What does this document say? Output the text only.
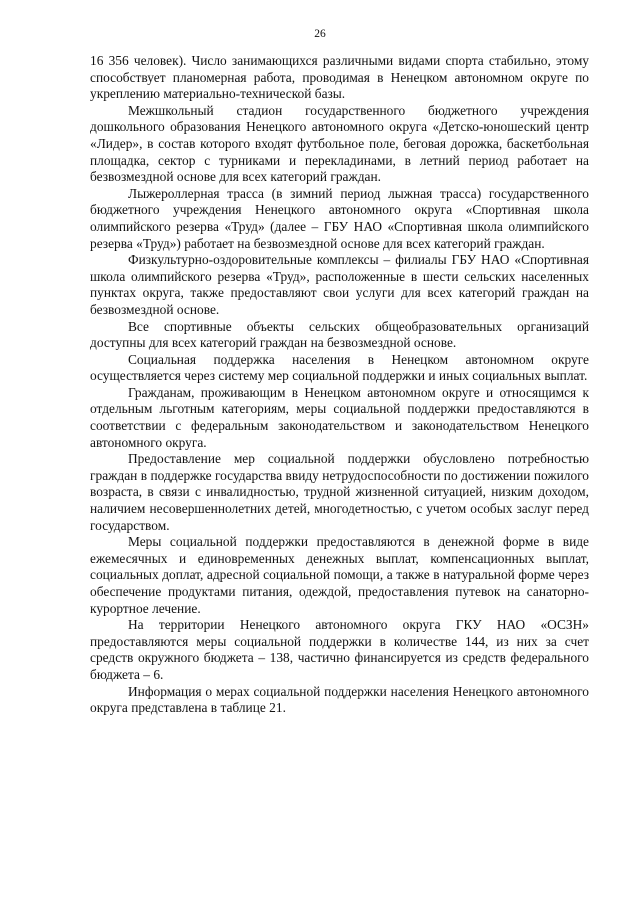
26

16 356 человек). Число занимающихся различными видами спорта стабильно, этому способствует планомерная работа, проводимая в Ненецком автономном округе по укреплению материально-технической базы.

Межшкольный стадион государственного бюджетного учреждения дошкольного образования Ненецкого автономного округа «Детско-юношеский центр «Лидер», в состав которого входят футбольное поле, беговая дорожка, баскетбольная площадка, сектор с турниками и перекладинами, в летний период работает на безвозмездной основе для всех категорий граждан.

Лыжероллерная трасса (в зимний период лыжная трасса) государственного бюджетного учреждения Ненецкого автономного округа «Спортивная школа олимпийского резерва «Труд» (далее – ГБУ НАО «Спортивная школа олимпийского резерва «Труд») работает на безвозмездной основе для всех категорий граждан.

Физкультурно-оздоровительные комплексы – филиалы ГБУ НАО «Спортивная школа олимпийского резерва «Труд», расположенные в шести сельских населенных пунктах округа, также предоставляют свои услуги для всех категорий граждан на безвозмездной основе.

Все спортивные объекты сельских общеобразовательных организаций доступны для всех категорий граждан на безвозмездной основе.

Социальная поддержка населения в Ненецком автономном округе осуществляется через систему мер социальной поддержки и иных социальных выплат.

Гражданам, проживающим в Ненецком автономном округе и относящимся к отдельным льготным категориям, меры социальной поддержки предоставляются в соответствии с федеральным законодательством и законодательством Ненецкого автономного округа.

Предоставление мер социальной поддержки обусловлено потребностью граждан в поддержке государства ввиду нетрудоспособности по достижении пожилого возраста, в связи с инвалидностью, трудной жизненной ситуацией, низким доходом, наличием несовершеннолетних детей, многодетностью, с учетом особых заслуг перед государством.

Меры социальной поддержки предоставляются в денежной форме в виде ежемесячных и единовременных денежных выплат, компенсационных выплат, социальных доплат, адресной социальной помощи, а также в натуральной форме через обеспечение продуктами питания, одеждой, предоставления путевок на санаторно-курортное лечение.

На территории Ненецкого автономного округа ГКУ НАО «ОСЗН» предоставляются меры социальной поддержки в количестве 144, из них за счет средств окружного бюджета – 138, частично финансируется из средств федерального бюджета – 6.

Информация о мерах социальной поддержки населения Ненецкого автономного округа представлена в таблице 21.
